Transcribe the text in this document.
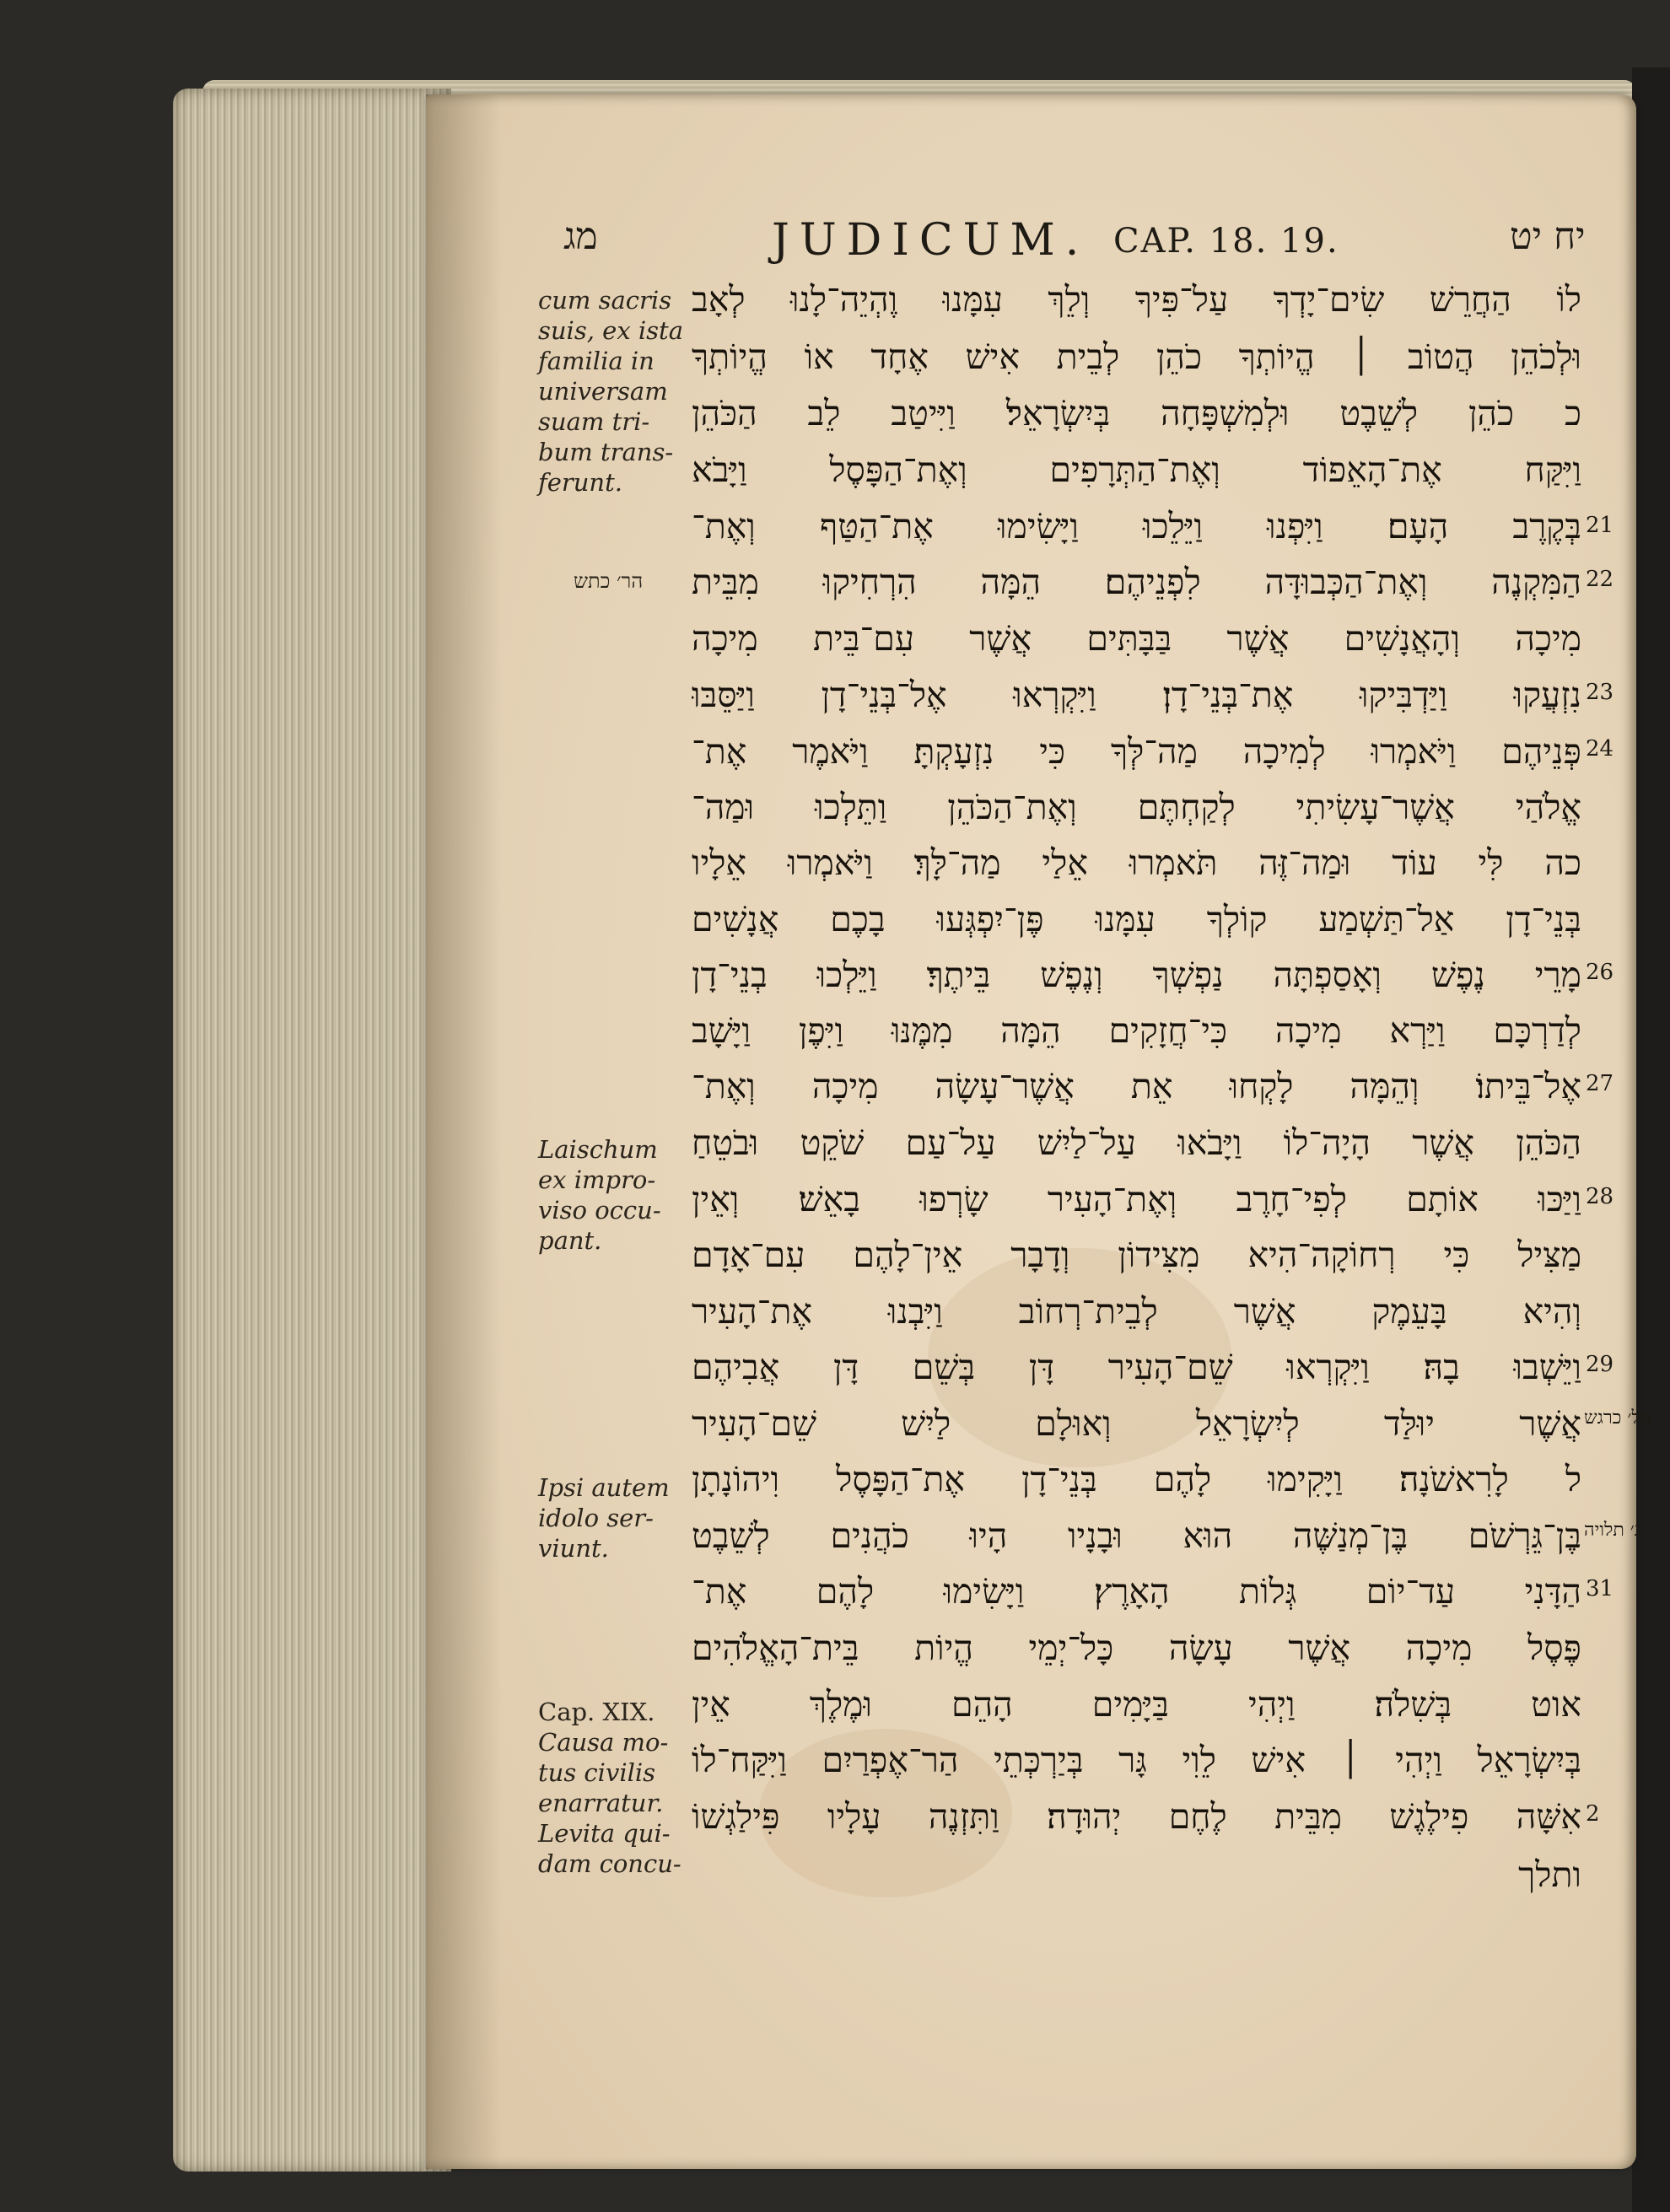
מג	JUDICUM. CAP. 18. 19.	יח יט
לוֹ הַחֲרֵשׁ שִׂים־יָדְךָ עַל־פִּיךָ וְלֵךְ עִמָּנוּ וֶהְיֵה־לָנוּ לְאָב
וּלְכֹהֵן הֲטוֹב ׀ הֱיוֹתְךָ כֹהֵן לְבֵית אִישׁ אֶחָד אוֹ הֱיוֹתְךָ
כ כֹהֵן לְשֵׁבֶט וּלְמִשְׁפָּחָה בְּיִשְׂרָאֵל׃ וַיִּיטַב לֵב הַכֹּהֵן
וַיִּקַּח אֶת־הָאֵפוֹד וְאֶת־הַתְּרָפִים וְאֶת־הַפָּסֶל וַיָּבֹא
בְּקֶרֶב הָעָם׃ וַיִּפְנוּ וַיֵּלֵכוּ וַיָּשִׂימוּ אֶת־הַטַּף וְאֶת־
הַמִּקְנֶה וְאֶת־הַכְּבוּדָּה לִפְנֵיהֶם׃ הֵמָּה הִרְחִיקוּ מִבֵּית
מִיכָה וְהָאֲנָשִׁים אֲשֶׁר בַּבָּתִּים אֲשֶׁר עִם־בֵּית מִיכָה
נִזְעֲקוּ וַיַּדְבִּיקוּ אֶת־בְּנֵי־דָן׃ וַיִּקְרְאוּ אֶל־בְּנֵי־דָן וַיַּסֵּבּוּ
פְּנֵיהֶם וַיֹּאמְרוּ לְמִיכָה מַה־לְּךָ כִּי נִזְעָקְתָּ׃ וַיֹּאמֶר אֶת־
אֱלֹהַי אֲשֶׁר־עָשִׂיתִי לְקַחְתֶּם וְאֶת־הַכֹּהֵן וַתֵּלְכוּ וּמַה־
כה לִּי עוֹד וּמַה־זֶּה תֹּאמְרוּ אֵלַי מַה־לָּךְ׃ וַיֹּאמְרוּ אֵלָיו
בְּנֵי־דָן אַל־תַּשְׁמַע קוֹלְךָ עִמָּנוּ פֶּן־יִפְגְּעוּ בָכֶם אֲנָשִׁים
מָרֵי נֶפֶשׁ וְאָסַפְתָּה נַפְשְׁךָ וְנֶפֶשׁ בֵּיתֶךָ׃ וַיֵּלְכוּ בְנֵי־דָן
לְדַרְכָּם וַיַּרְא מִיכָה כִּי־חֲזָקִים הֵמָּה מִמֶּנּוּ וַיִּפֶן וַיָּשָׁב
אֶל־בֵּיתוֹ׃ וְהֵמָּה לָקְחוּ אֵת אֲשֶׁר־עָשָׂה מִיכָה וְאֶת־
הַכֹּהֵן אֲשֶׁר הָיָה־לוֹ וַיָּבֹאוּ עַל־לַיִשׁ עַל־עַם שֹׁקֵט וּבֹטֵחַ
וַיַּכּוּ אוֹתָם לְפִי־חָרֶב וְאֶת־הָעִיר שָׂרְפוּ בָאֵשׁ׃ וְאֵין
מַצִּיל כִּי רְחוֹקָה־הִיא מִצִּידוֹן וְדָבָר אֵין־לָהֶם עִם־אָדָם
וְהִיא בָּעֵמֶק אֲשֶׁר לְבֵית־רְחוֹב וַיִּבְנוּ אֶת־הָעִיר
וַיֵּשְׁבוּ בָהּ׃ וַיִּקְרְאוּ שֵׁם־הָעִיר דָּן בְּשֵׁם דָּן אֲבִיהֶם
אֲשֶׁר יוּלַּד לְיִשְׂרָאֵל וְאוּלָם לַיִשׁ שֵׁם־הָעִיר
ל לָרִאשֹׁנָה׃ וַיָּקִימוּ לָהֶם בְּנֵי־דָן אֶת־הַפָּסֶל וִיהוֹנָתָן
בֶּן־גֵּרְשֹׁם בֶּן־מְנַשֶּׁה הוּא וּבָנָיו הָיוּ כֹהֲנִים לְשֵׁבֶט
הַדָּנִי עַד־יוֹם גְּלוֹת הָאָרֶץ׃ וַיָּשִׂימוּ לָהֶם אֶת־
פֶּסֶל מִיכָה אֲשֶׁר עָשָׂה כָּל־יְמֵי הֱיוֹת בֵּית־הָאֱלֹהִים
אוט בְּשִׁלֹה׃ וַיְהִי בַּיָּמִים הָהֵם וּמֶלֶךְ אֵין
בְּיִשְׂרָאֵל וַיְהִי ׀ אִישׁ לֵוִי גָּר בְּיַרְכְּתֵי הַר־אֶפְרַיִם וַיִּקַּח־לוֹ
אִשָּׁה פִילֶגֶשׁ מִבֵּית לֶחֶם יְהוּדָה׃ וַתִּזְנֶה עָלָיו פִּילַגְשׁוֹ
ותלך
21
22
23
24
26
27
28
29
31
2
הל׳ כרגש
נ׳ תלויה
הר׳ כתש
cum sacris
suis, ex ista
familia in
universam
suam tri-
bum trans-
ferunt.
Laischum
ex impro-
viso occu-
pant.
Ipsi autem
idolo ser-
viunt.
Cap. XIX.
Causa mo-
tus civilis
enarratur.
Levita qui-
dam concu-
